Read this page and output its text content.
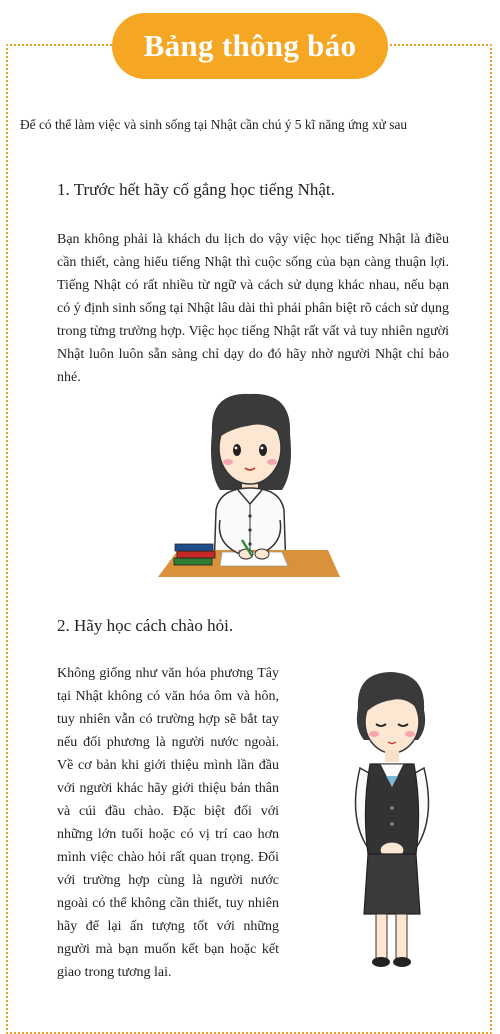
Bảng thông báo
Để có thể làm việc và sinh sống tại Nhật cần chú ý 5 kĩ năng ứng xử sau
1. Trước hết hãy cố gắng học tiếng Nhật.
Bạn không phải là khách du lịch do vậy việc học tiếng Nhật là điều cần thiết, càng hiểu tiếng Nhật thì cuộc sống của bạn càng thuận lợi. Tiếng Nhật có rất nhiều từ ngữ và cách sử dụng khác nhau, nếu bạn có ý định sinh sống tại Nhật lâu dài thì phải phân biệt rõ cách sử dụng trong từng trường hợp. Việc học tiếng Nhật rất vất vả tuy nhiên người Nhật luôn luôn sẵn sàng chỉ dạy do đó hãy nhờ người Nhật chỉ bảo nhé.
2. Hãy học cách chào hỏi.
Không giống như văn hóa phương Tây tại Nhật không có văn hóa ôm và hôn, tuy nhiên vẫn có trường hợp sẽ bắt tay nếu đối phương là người nước ngoài. Về cơ bản khi giới thiệu mình lần đầu với người khác hãy giới thiệu bản thân và cúi đầu chào. Đặc biệt đối với những lớn tuổi hoặc có vị trí cao hơn mình việc chào hỏi rất quan trọng. Đối với trường hợp cùng là người nước ngoài có thể không cần thiết, tuy nhiên hãy để lại ấn tượng tốt với những người mà bạn muốn kết bạn hoặc kết giao trong tương lai.
